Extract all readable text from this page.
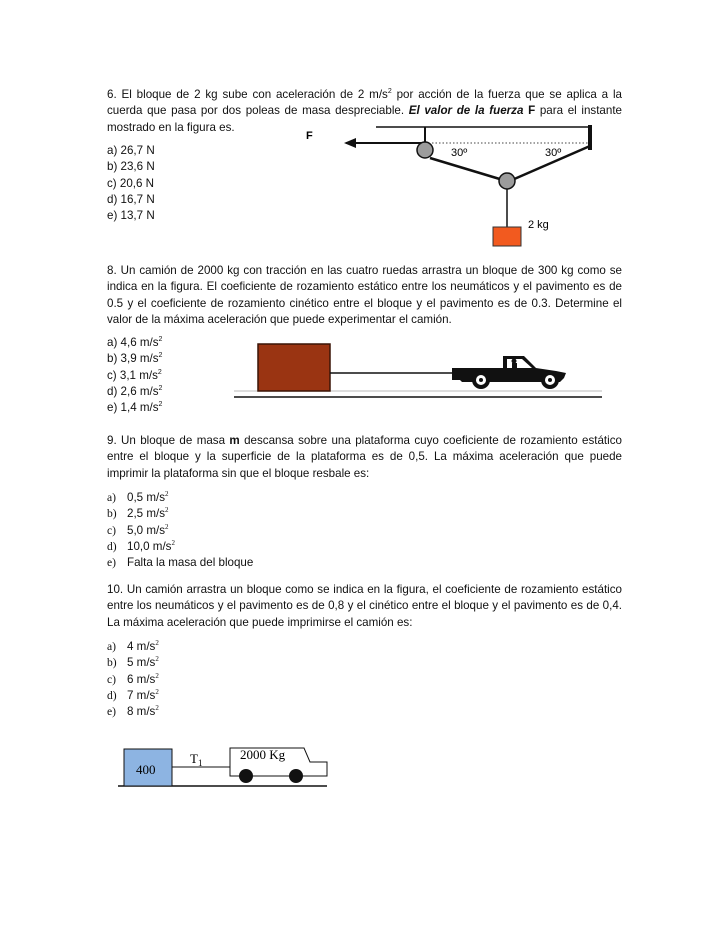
6. El bloque de 2 kg sube con aceleración de 2 $m/s^2$ por acción de la fuerza que se aplica a la cuerda que pasa por dos poleas de masa despreciable. El valor de la fuerza F para el instante mostrado en la figura es.
a) 26,7 N
b) 23,6 N
c) 20,6 N
d) 16,7 N
e) 13,7 N
F
30º	30º
2 kg
8. Un camión de 2000 kg con tracción en las cuatro ruedas arrastra un bloque de 300 kg como se indica en la figura. El coeficiente de rozamiento estático entre los neumáticos y el pavimento es de 0.5 y el coeficiente de rozamiento cinético entre el bloque y el pavimento es de 0.3. Determine el valor de la máxima aceleración que puede experimentar el camión.
a) 4,6 $m/s^2$
b) 3,9 $m/s^2$
c) 3,1 $m/s^2$
d) 2,6 $m/s^2$
e) 1,4 $m/s^2$
9. Un bloque de masa m descansa sobre una plataforma cuyo coeficiente de rozamiento estático entre el bloque y la superficie de la plataforma es de 0,5. La máxima aceleración que puede imprimir la plataforma sin que el bloque resbale es:
a) 0,5 $m/s^2$
b) 2,5 $m/s^2$
c) 5,0 $m/s^2$
d) 10,0 $m/s^2$
e) Falta la masa del bloque
10. Un camión arrastra un bloque como se indica en la figura, el coeficiente de rozamiento estático entre los neumáticos y el pavimento es de 0,8 y el cinético entre el bloque y el pavimento es de 0,4. La máxima aceleración que puede imprimirse el camión es:
a) 4 $m/s^2$
b) 5 $m/s^2$
c) 6 $m/s^2$
d) 7 $m/s^2$
e) 8 $m/s^2$
400
$T_1$
2000 Kg
